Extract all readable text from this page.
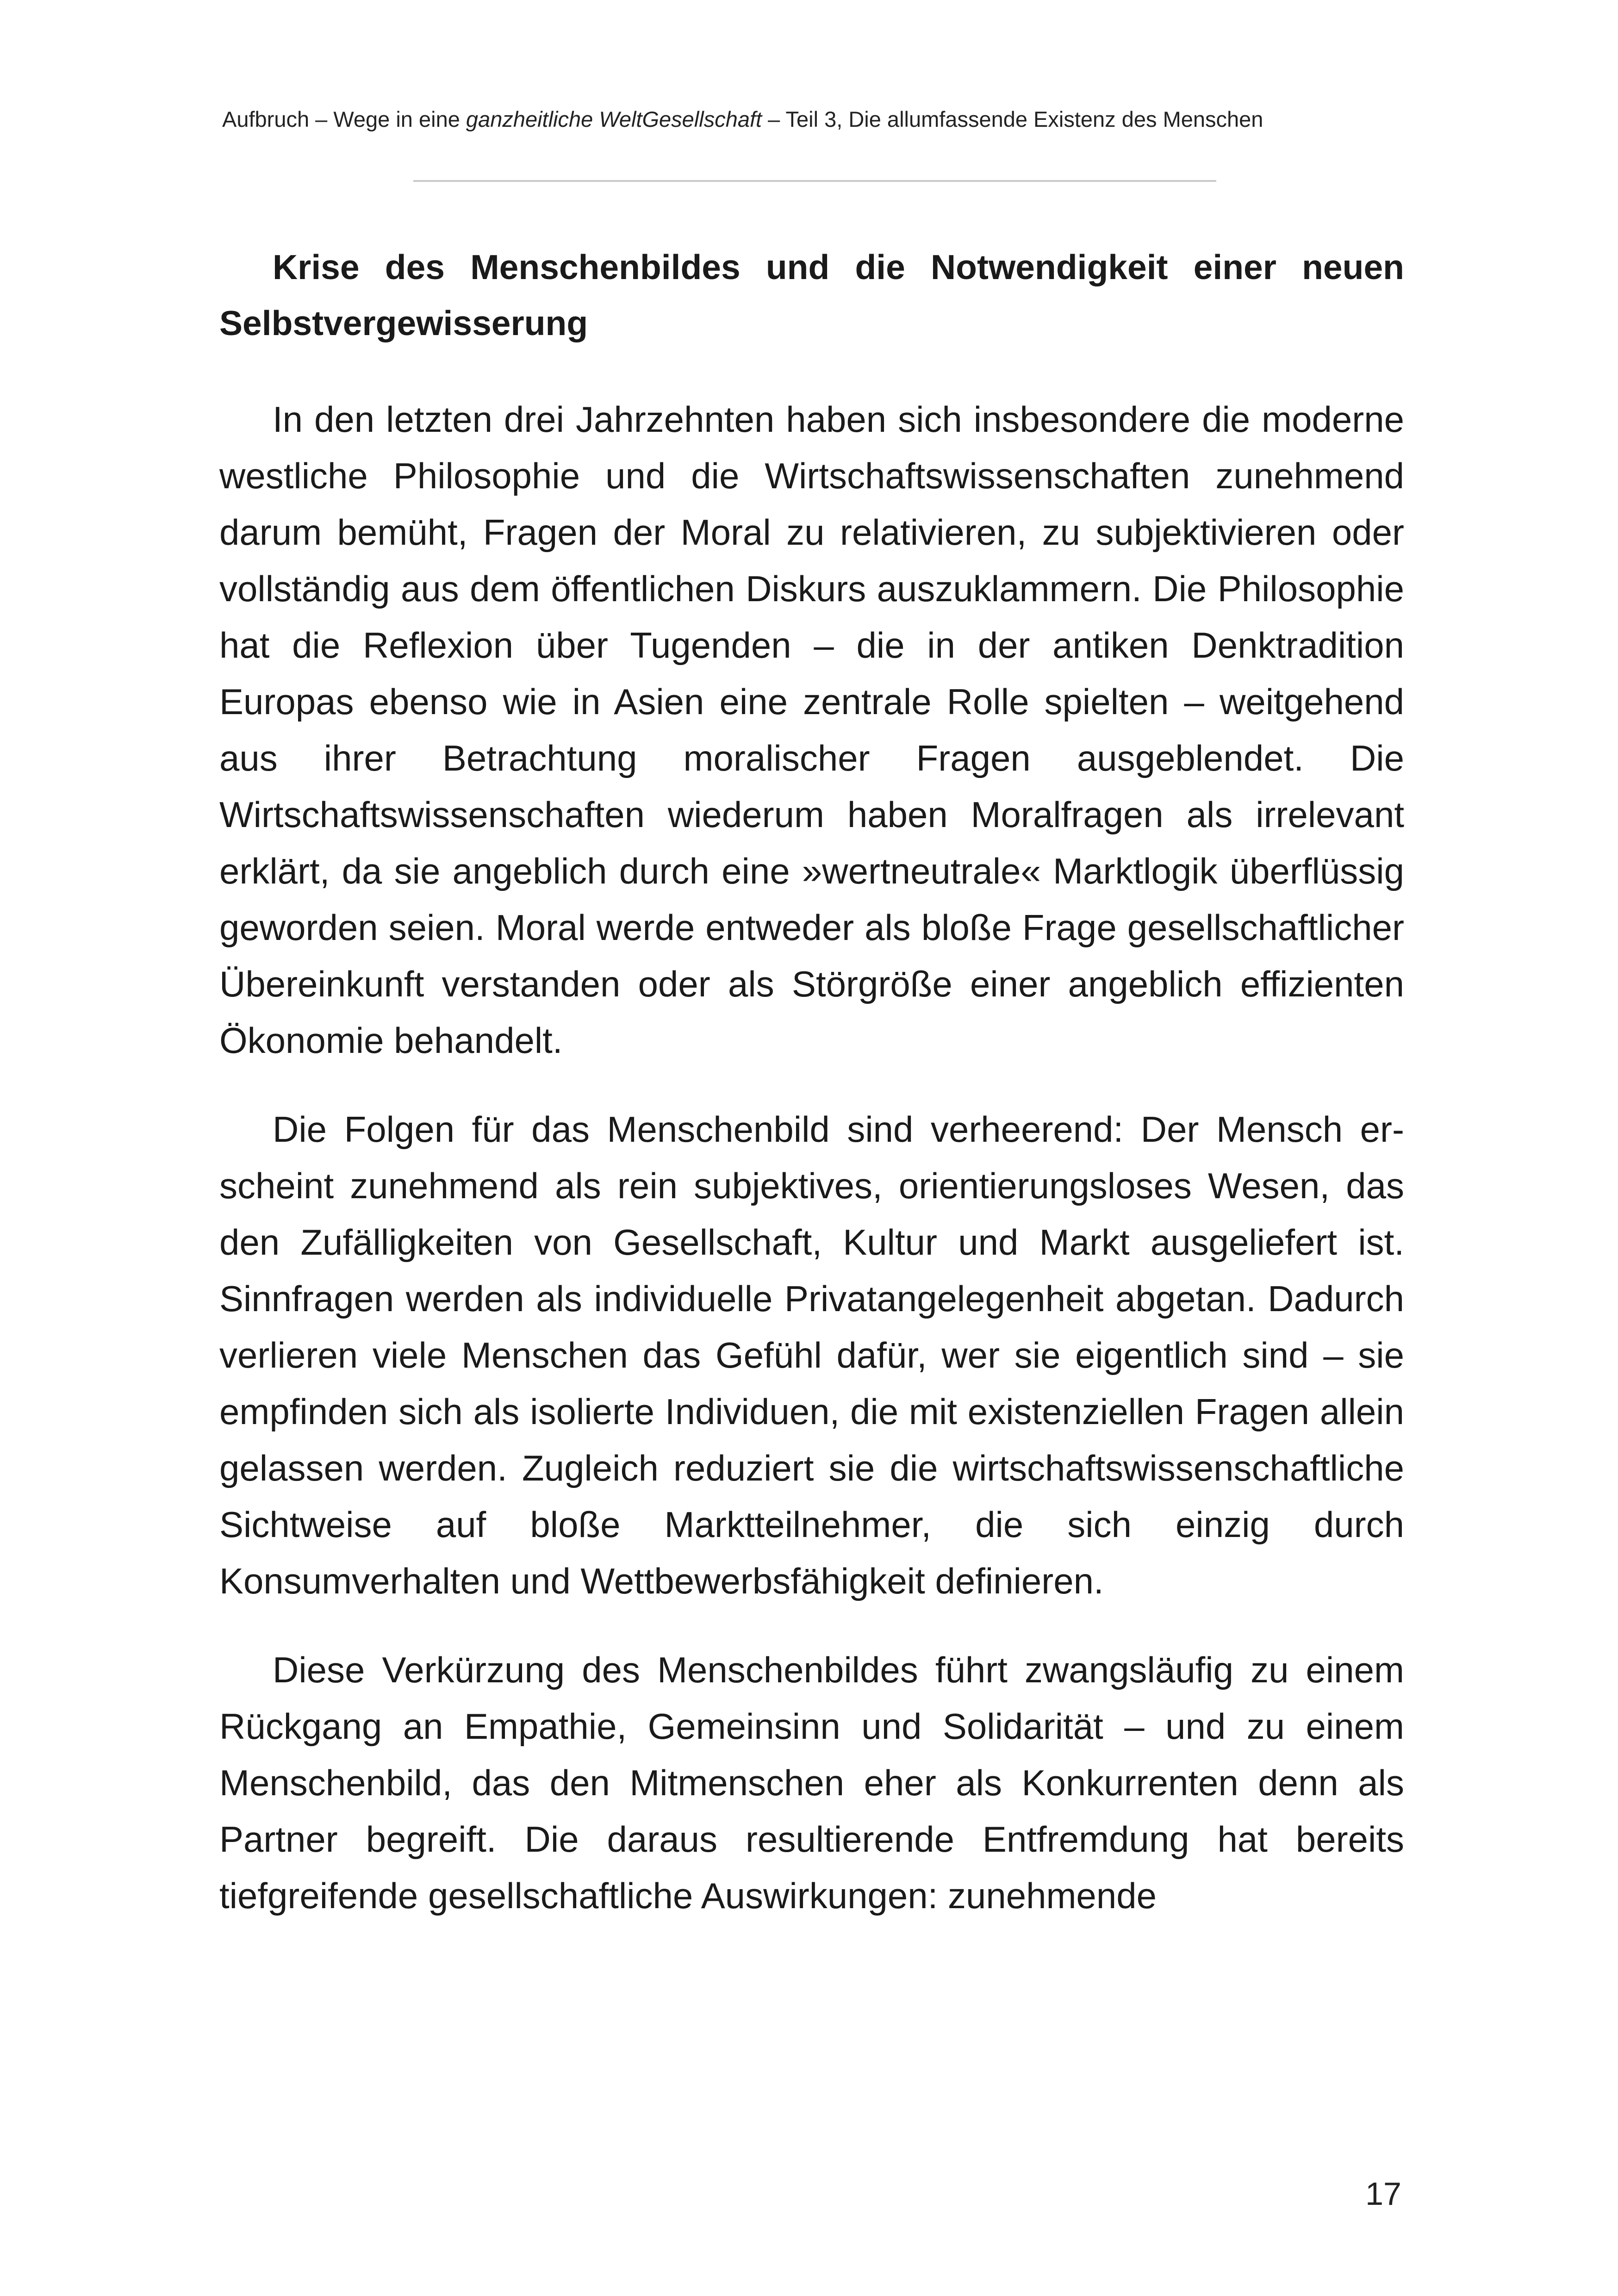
Aufbruch – Wege in eine ganzheitliche WeltGesellschaft – Teil 3, Die allumfassende Existenz des Menschen

Krise des Menschenbildes und die Notwendigkeit einer neuen Selbstvergewisserung

In den letzten drei Jahrzehnten haben sich insbesondere die moderne westliche Philosophie und die Wirtschaftswissenschaften zunehmend darum bemüht, Fragen der Moral zu relativieren, zu subjektivieren oder vollständig aus dem öffentlichen Diskurs auszuklammern. Die Philosophie hat die Reflexion über Tugenden – die in der antiken Denktradition Europas ebenso wie in Asien eine zentrale Rolle spielten – weitgehend aus ihrer Betrachtung moralischer Fragen ausgeblendet. Die Wirtschaftswissenschaften wiederum haben Moralfragen als irrelevant erklärt, da sie angeblich durch eine »wertneutrale« Marktlogik überflüssig geworden seien. Moral werde entweder als bloße Frage gesellschaftlicher Übereinkunft verstanden oder als Störgröße einer angeblich effizienten Ökonomie behandelt.

Die Folgen für das Menschenbild sind verheerend: Der Mensch erscheint zunehmend als rein subjektives, orientierungsloses Wesen, das den Zufälligkeiten von Gesellschaft, Kultur und Markt ausgeliefert ist. Sinnfragen werden als individuelle Privatangelegenheit abgetan. Dadurch verlieren viele Menschen das Gefühl dafür, wer sie eigentlich sind – sie empfinden sich als isolierte Individuen, die mit existenziellen Fragen allein gelassen werden. Zugleich reduziert sie die wirtschaftswissenschaftliche Sichtweise auf bloße Marktteilnehmer, die sich einzig durch Konsumverhalten und Wettbewerbsfähigkeit definieren.

Diese Verkürzung des Menschenbildes führt zwangsläufig zu einem Rückgang an Empathie, Gemeinsinn und Solidarität – und zu einem Menschenbild, das den Mitmenschen eher als Konkurrenten denn als Partner begreift. Die daraus resultierende Entfremdung hat bereits tiefgreifende gesellschaftliche Auswirkungen: zunehmende

17
